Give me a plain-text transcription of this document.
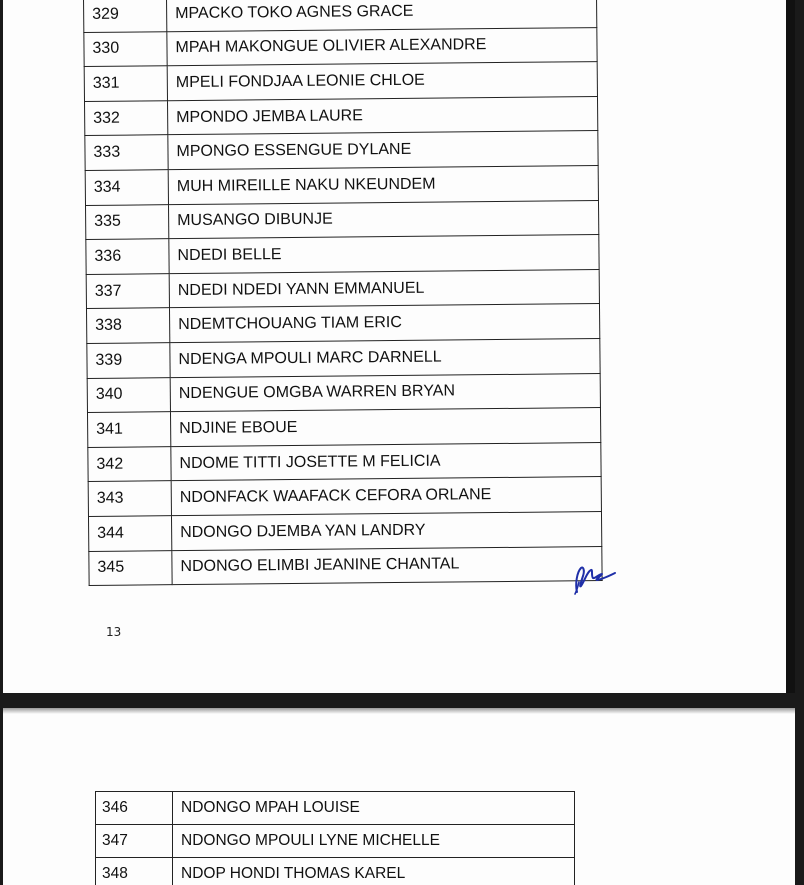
329	MPACKO TOKO AGNES GRACE
330	MPAH MAKONGUE OLIVIER ALEXANDRE
331	MPELI FONDJAA LEONIE CHLOE
332	MPONDO JEMBA LAURE
333	MPONGO ESSENGUE DYLANE
334	MUH MIREILLE NAKU NKEUNDEM
335	MUSANGO DIBUNJE
336	NDEDI BELLE
337	NDEDI NDEDI YANN EMMANUEL
338	NDEMTCHOUANG TIAM ERIC
339	NDENGA MPOULI MARC DARNELL
340	NDENGUE OMGBA WARREN BRYAN
341	NDJINE EBOUE
342	NDOME TITTI JOSETTE M FELICIA
343	NDONFACK WAAFACK CEFORA ORLANE
344	NDONGO DJEMBA YAN LANDRY
345	NDONGO ELIMBI JEANINE CHANTAL
13
346	NDONGO MPAH LOUISE
347	NDONGO MPOULI LYNE MICHELLE
348	NDOP HONDI THOMAS KAREL
